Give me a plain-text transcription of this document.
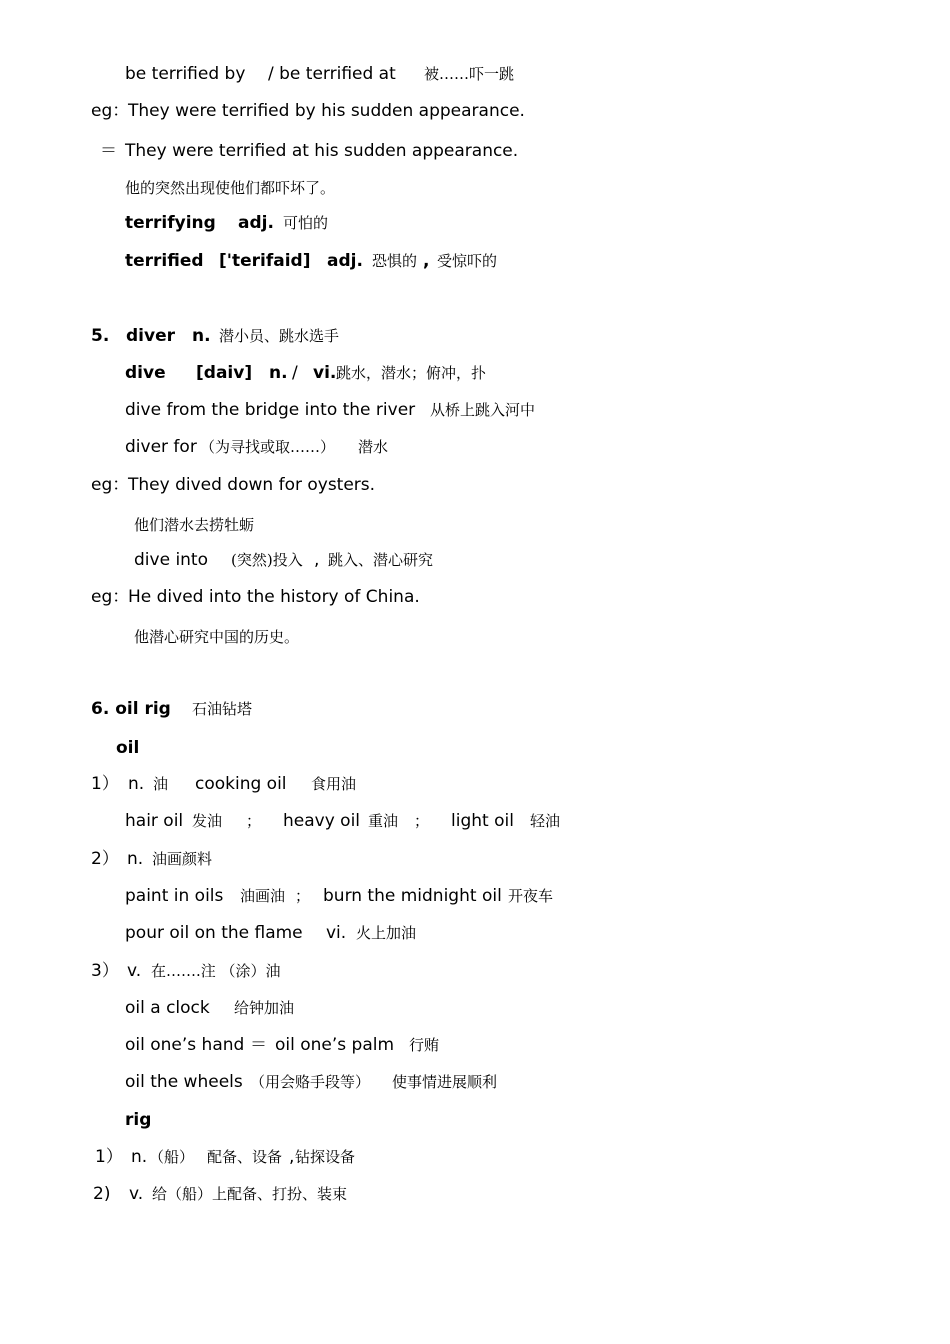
be terrified by / be terrified at 被……吓一跳
eg：
They were terrified by his sudden appearance.
＝ They were terrified at his sudden appearance.
他的突然出现使他们都吓坏了。
terrifying adj. 可怕的
terrified ['terifaid] adj. 恐惧的 , 受惊吓的
5. diver n. 潜小员、跳水选手
dive [daiv] n. / vi. 跳水，潜水；俯冲，扑
dive from the bridge into the river 从桥上跳入河中
diver for （为寻找或取……） 潜水
eg：
They dived down for oysters.
他们潜水去捞牡蛎
dive into (突然)投入 , 跳入、潜心研究
eg：
He dived into the history of China.
他潜心研究中国的历史。
6. oil rig 石油钻塔
oil
1） n. 油 cooking oil 食用油
hair oil 发油 ； heavy oil 重油 ； light oil 轻油
2） n. 油画颜料
paint in oils 油画油 ； burn the midnight oil 开夜车
pour oil on the flame vi. 火上加油
3） v. 在…….注 （涂）油
oil a clock 给钟加油
oil one’s hand ＝ oil one’s palm 行贿
oil the wheels （用会赂手段等） 使事情进展顺利
rig
1） n. （船） 配备、设备 , 钻探设备
2) v. 给（船）上配备、打扮、装束
